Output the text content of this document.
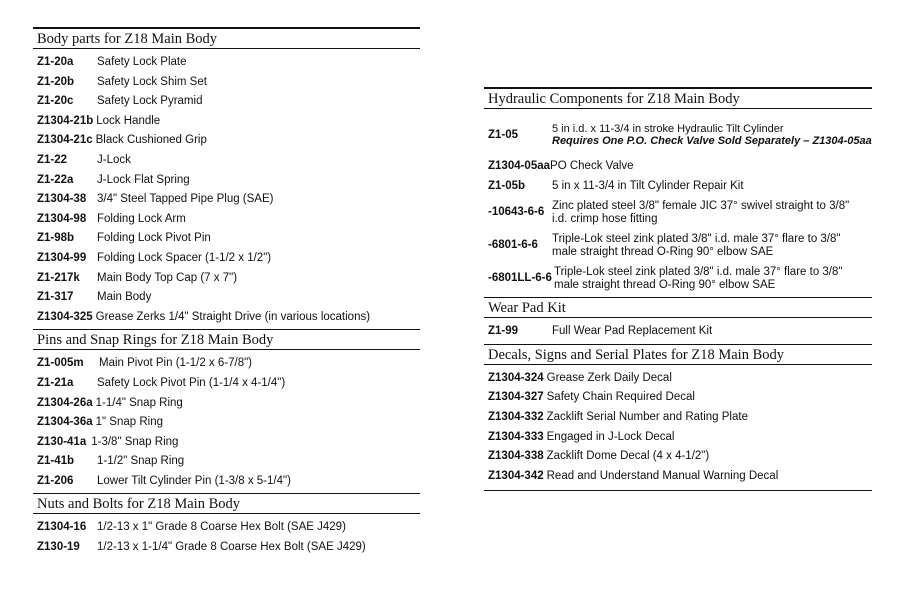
Body parts for Z18 Main Body
Z1-20a	Safety Lock Plate
Z1-20b	Safety Lock Shim Set
Z1-20c	Safety Lock Pyramid
Z1304-21b Lock Handle
Z1304-21c Black Cushioned Grip
Z1-22	J-Lock
Z1-22a	J-Lock Flat Spring
Z1304-38 3/4" Steel Tapped Pipe Plug (SAE)
Z1304-98 Folding Lock Arm
Z1-98b	Folding Lock Pivot Pin
Z1304-99 Folding Lock Spacer (1-1/2 x 1/2")
Z1-217k	Main Body Top Cap (7 x 7")
Z1-317	Main Body
Z1304-325 Grease Zerks 1/4" Straight Drive (in various locations)
Pins and Snap Rings for Z18 Main Body
Z1-005m	Main Pivot Pin (1-1/2 x 6-7/8")
Z1-21a	Safety Lock Pivot Pin (1-1/4 x 4-1/4")
Z1304-26a 1-1/4" Snap Ring
Z1304-36a 1" Snap Ring
Z130-41a 1-3/8" Snap Ring
Z1-41b	1-1/2" Snap Ring
Z1-206	Lower Tilt Cylinder Pin (1-3/8 x 5-1/4")
Nuts and Bolts for Z18 Main Body
Z1304-16 1/2-13 x 1" Grade 8 Coarse Hex Bolt (SAE J429)
Z130-19	1/2-13 x 1-1/4" Grade 8 Coarse Hex Bolt (SAE J429)
Hydraulic Components for Z18 Main Body
Z1-05	5 in i.d. x 11-3/4 in stroke Hydraulic Tilt Cylinder
Requires One P.O. Check Valve Sold Separately – Z1304-05aa
Z1304-05aa PO Check Valve
Z1-05b	5 in x 11-3/4 in Tilt Cylinder Repair Kit
-10643-6-6 Zinc plated steel 3/8" female JIC 37° swivel straight to 3/8" i.d. crimp hose fitting
-6801-6-6	Triple-Lok steel zink plated 3/8" i.d. male 37° flare to 3/8" male straight thread O-Ring 90° elbow SAE
-6801LL-6-6 Triple-Lok steel zink plated 3/8" i.d. male 37° flare to 3/8" male straight thread O-Ring 90° elbow SAE
Wear Pad Kit
Z1-99	Full Wear Pad Replacement Kit
Decals, Signs and Serial Plates for Z18 Main Body
Z1304-324 Grease Zerk Daily Decal
Z1304-327 Safety Chain Required Decal
Z1304-332 Zacklift Serial Number and Rating Plate
Z1304-333 Engaged in J-Lock Decal
Z1304-338 Zacklift Dome Decal (4 x 4-1/2")
Z1304-342 Read and Understand Manual Warning Decal
